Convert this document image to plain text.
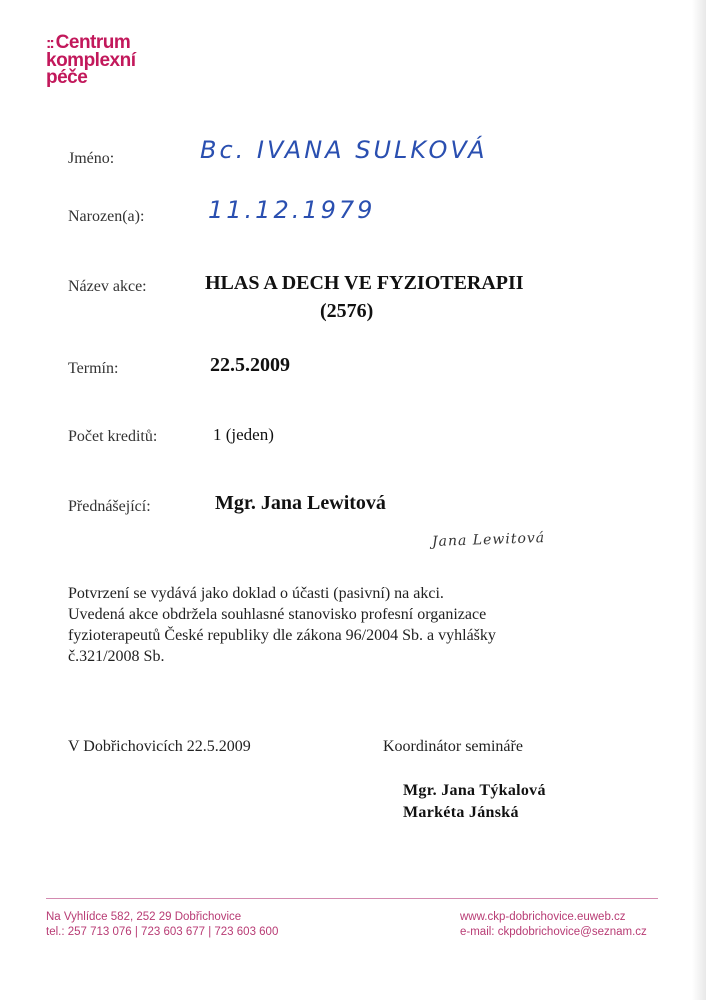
:: Centrum
komplexní
péče
Jméno:	Bc. IVANA SULKOVÁ
Narozen(a):	11.12.1979
Název akce:	HLAS A DECH VE FYZIOTERAPII
(2576)
Termín:	22.5.2009
Počet kreditů:	1 (jeden)
Přednášející:	Mgr. Jana Lewitová
Jana Lewitová
Potvrzení se vydává jako doklad o účasti (pasivní) na akci.
Uvedená akce obdržela souhlasné stanovisko profesní organizace
fyzioterapeutů České republiky dle zákona 96/2004 Sb. a vyhlášky
č.321/2008 Sb.
V Dobřichovicích 22.5.2009	Koordinátor semináře
Mgr. Jana Týkalová
Markéta Jánská
Na Vyhlídce 582, 252 29 Dobřichovice
tel.: 257 713 076 | 723 603 677 | 723 603 600
www.ckp-dobrichovice.euweb.cz
e-mail: ckpdobrichovice@seznam.cz
